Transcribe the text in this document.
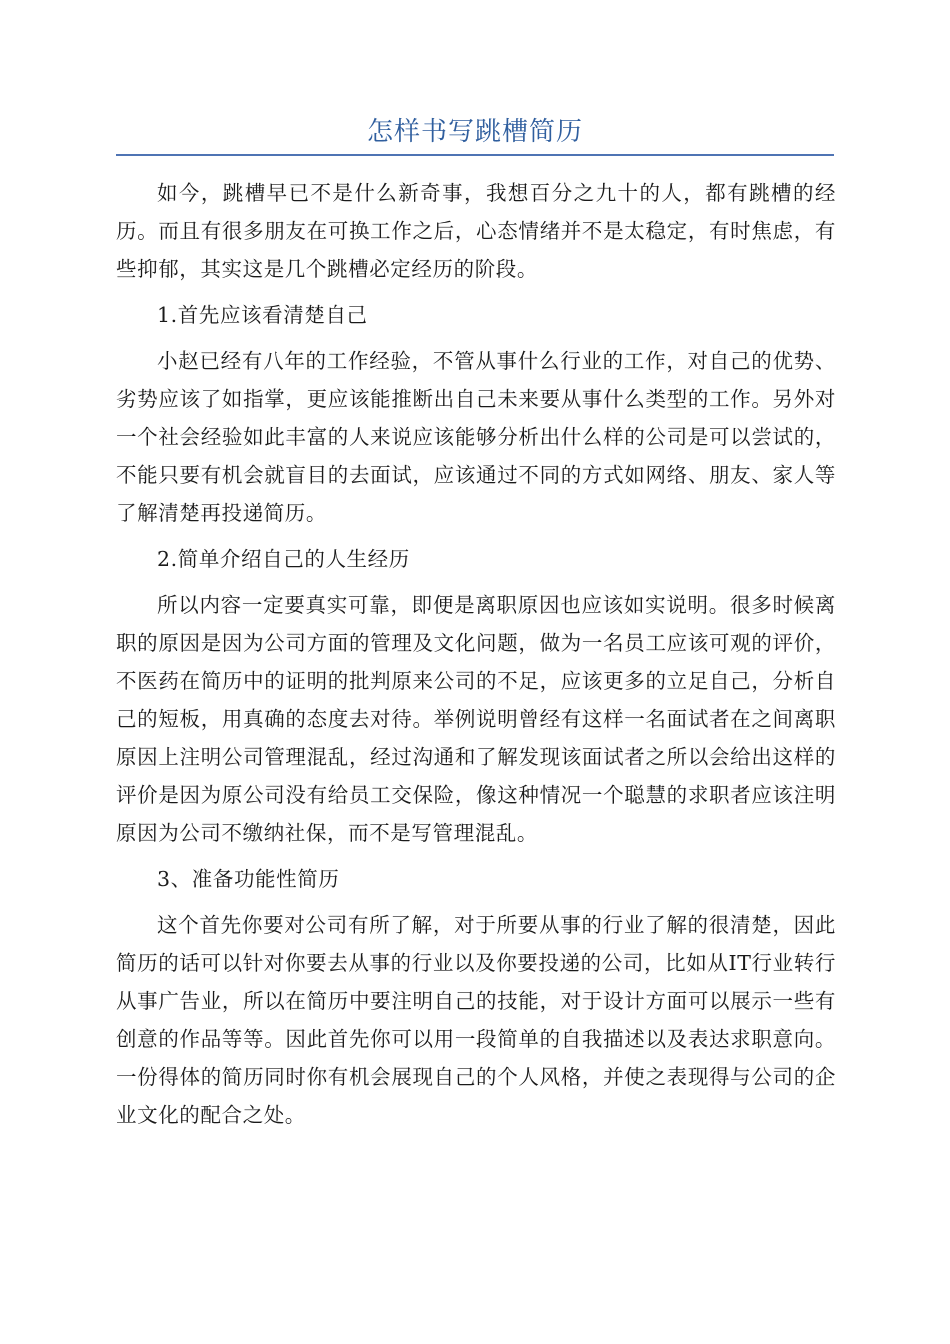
怎样书写跳槽简历

如今，跳槽早已不是什么新奇事，我想百分之九十的人，都有跳槽的经历。而且有很多朋友在可换工作之后，心态情绪并不是太稳定，有时焦虑，有些抑郁，其实这是几个跳槽必定经历的阶段。

1.首先应该看清楚自己

小赵已经有八年的工作经验，不管从事什么行业的工作，对自己的优势、劣势应该了如指掌，更应该能推断出自己未来要从事什么类型的工作。另外对一个社会经验如此丰富的人来说应该能够分析出什么样的公司是可以尝试的，不能只要有机会就盲目的去面试，应该通过不同的方式如网络、朋友、家人等了解清楚再投递简历。

2.简单介绍自己的人生经历

所以内容一定要真实可靠，即便是离职原因也应该如实说明。很多时候离职的原因是因为公司方面的管理及文化问题，做为一名员工应该可观的评价，不医药在简历中的证明的批判原来公司的不足，应该更多的立足自己，分析自己的短板，用真确的态度去对待。举例说明曾经有这样一名面试者在之间离职原因上注明公司管理混乱，经过沟通和了解发现该面试者之所以会给出这样的评价是因为原公司没有给员工交保险，像这种情况一个聪慧的求职者应该注明原因为公司不缴纳社保，而不是写管理混乱。

3、准备功能性简历

这个首先你要对公司有所了解，对于所要从事的行业了解的很清楚，因此简历的话可以针对你要去从事的行业以及你要投递的公司，比如从IT行业转行从事广告业，所以在简历中要注明自己的技能，对于设计方面可以展示一些有创意的作品等等。因此首先你可以用一段简单的自我描述以及表达求职意向。一份得体的简历同时你有机会展现自己的个人风格，并使之表现得与公司的企业文化的配合之处。
